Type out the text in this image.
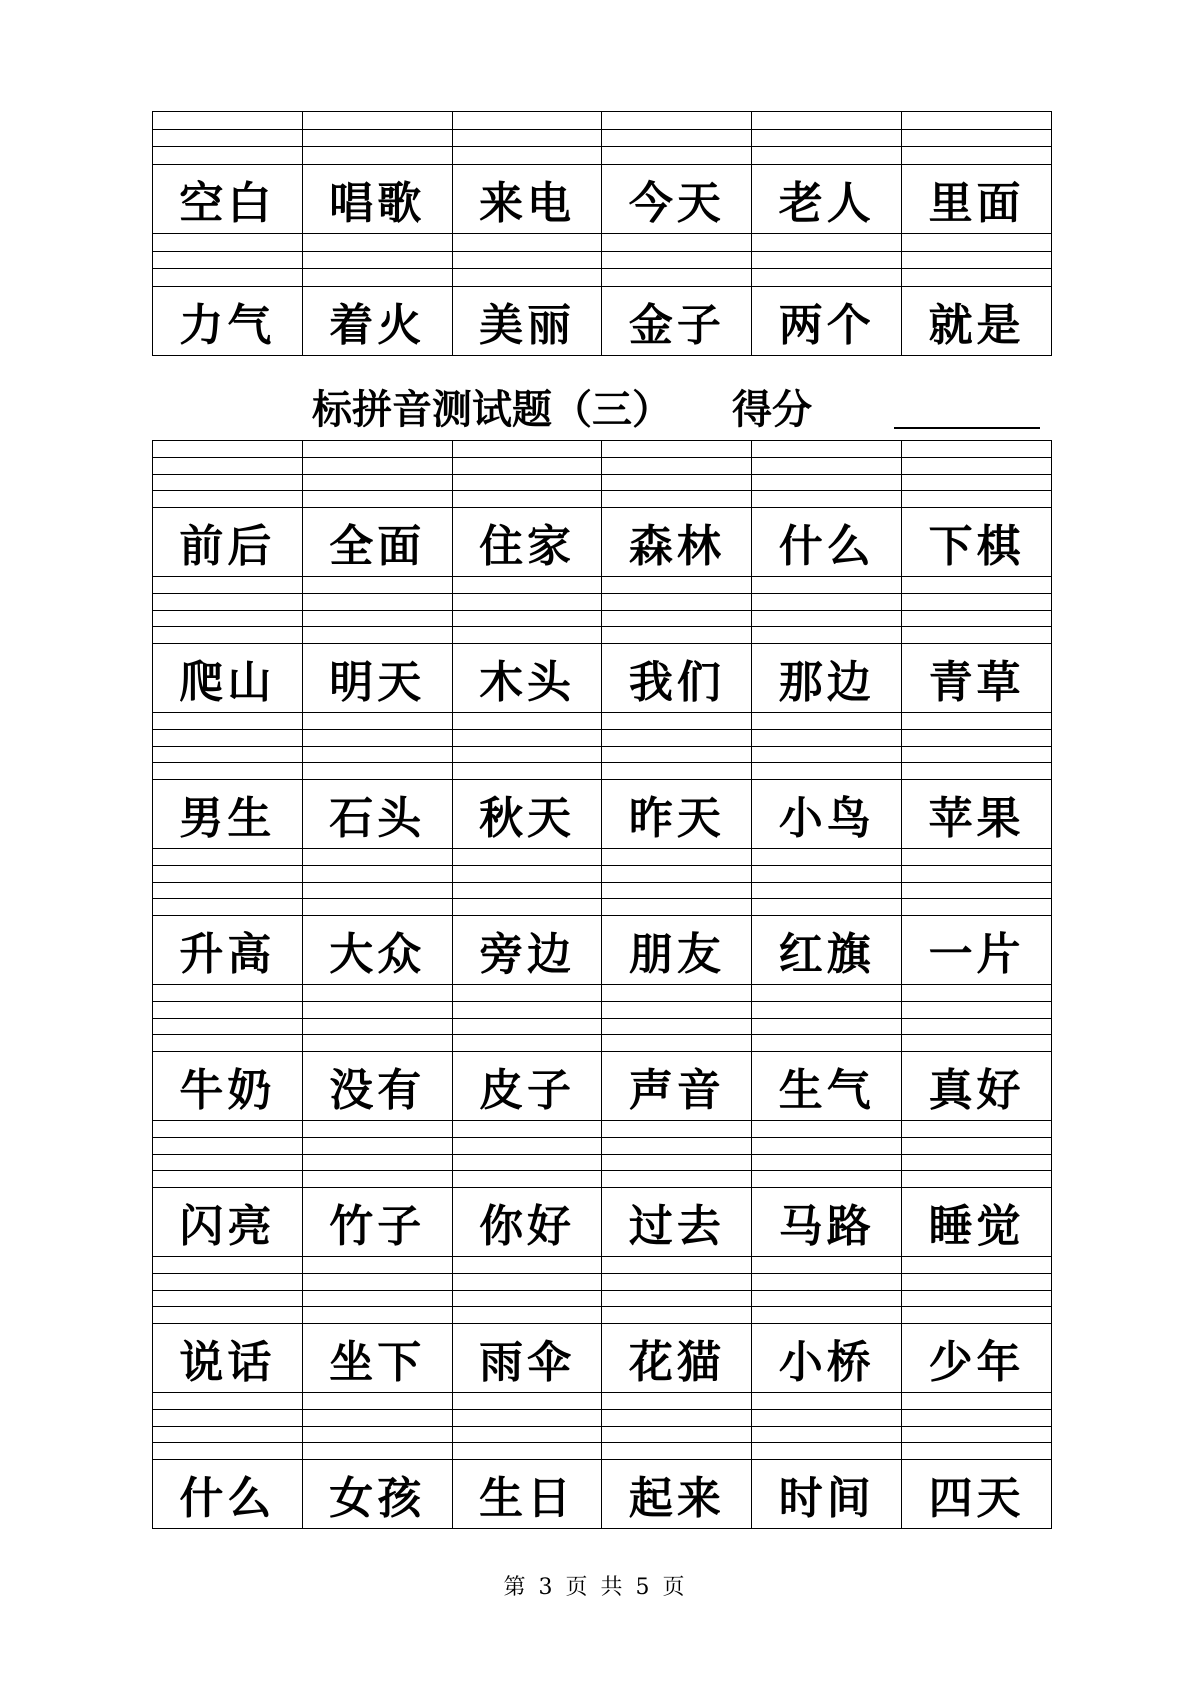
空白	唱歌	来电	今天	老人	里面

力气	着火	美丽	金子	两个	就是
标拼音测试题（三） 得分

前后	全面	住家	森林	什么	下棋

爬山	明天	木头	我们	那边	青草

男生	石头	秋天	昨天	小鸟	苹果

升高	大众	旁边	朋友	红旗	一片

牛奶	没有	皮子	声音	生气	真好

闪亮	竹子	你好	过去	马路	睡觉

说话	坐下	雨伞	花猫	小桥	少年

什么	女孩	生日	起来	时间	四天
第 3 页 共 5 页
